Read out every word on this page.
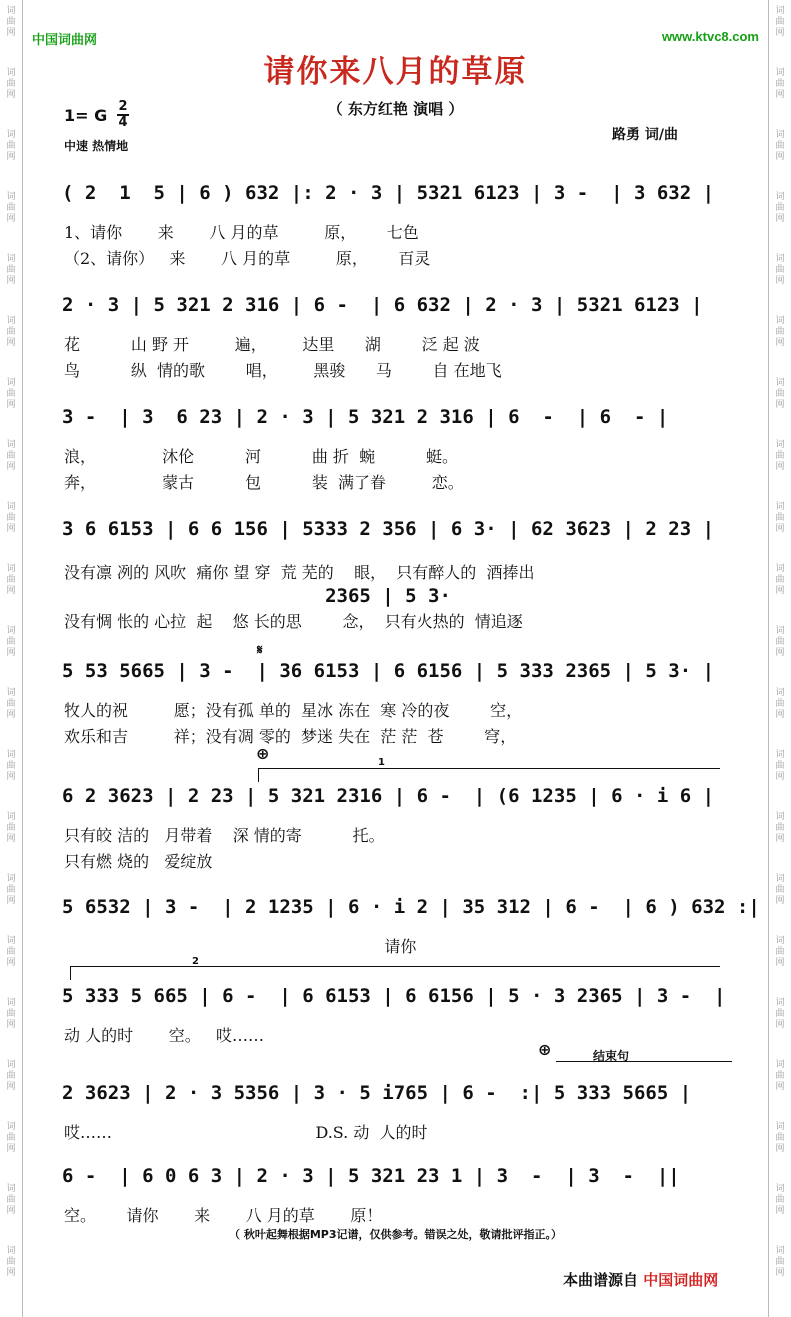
词
曲
网
词
曲
网
词
曲
网
词
曲
网
词
曲
网
词
曲
网
词
曲
网
词
曲
网
词
曲
网
词
曲
网
词
曲
网
词
曲
网
词
曲
网
词
曲
网
词
曲
网
词
曲
网
词
曲
网
词
曲
网
词
曲
网
词
曲
网
词
曲
网
词
曲
网
词
曲
网
词
曲
网
词
曲
网
词
曲
网
词
曲
网
词
曲
网
词
曲
网
词
曲
网
词
曲
网
词
曲
网
词
曲
网
词
曲
网
词
曲
网
词
曲
网
词
曲
网
词
曲
网
词
曲
网
词
曲
网
词
曲
网
词
曲
网
中国词曲网	www.ktvc8.com
请你来八月的草原
（ 东方红艳 演唱 ）
1= G 2
4
中速 热情地
路勇 词/曲
( 2  1  5 | 6 ) 632 |: 2 · 3 | 5321 6123 | 3 -  | 3 632 |
1、请你       来       八 月的草         原，      七色
（2、请你）   来       八 月的草         原，      百灵
2 · 3 | 5 321 2 316 | 6 -  | 6 632 | 2 · 3 | 5321 6123 |
花          山 野 开         遍，       达里      湖        泛 起 波
鸟          纵  情的歌        唱，       黑骏      马        自 在地飞
3 -  | 3  6 23 | 2 · 3 | 5 321 2 316 | 6  -  | 6  - |
浪，             沐伦          河          曲 折  蜿          蜓。
奔，             蒙古          包          装  满了眷         恋。
3 6 6153 | 6 6 156 | 5333 2 356 | 6 3· | 62 3623 | 2 23 |
没有凛 冽的 风吹  痛你 望 穿  荒 芜的    眼，  只有醉人的  酒捧出
2365 | 5 3·
没有惆 怅的 心拉  起    悠 长的思        念，  只有火热的  情追逐
5 53 5665 | 3 -  | 36 6153 | 6 6156 | 5 333 2365 | 5 3· |
牧人的祝         愿；没有孤 单的  星冰 冻在  寒 冷的夜        空，
欢乐和吉         祥；没有凋 零的  梦迷 失在  茫 茫  苍        穹，
6 2 3623 | 2 23 | 5 321 2316 | 6 -  | (6 1235 | 6 · i 6 |
只有皎 洁的   月带着    深 情的寄          托。
只有燃 烧的   爱绽放
5 6532 | 3 -  | 2 1235 | 6 · i 2 | 35 312 | 6 -  | 6 ) 632 :|
请你
5 333 5 665 | 6 -  | 6 6153 | 6 6156 | 5 · 3 2365 | 3 -  |
动 人的时       空。   哎……
2 3623 | 2 · 3 5356 | 3 · 5 i765 | 6 -  :| 5 333 5665 |
哎……                                        D.S. 动  人的时
6 -  | 6 0 6 3 | 2 · 3 | 5 321 23 1 | 3  -  | 3  -  ||
空。      请你       来       八 月的草       原！
1
⊕
𝄋
2
⊕	结束句
（ 秋叶起舞根据MP3记谱，仅供参考。错误之处，敬请批评指正。）
本曲谱源自 中国词曲网
